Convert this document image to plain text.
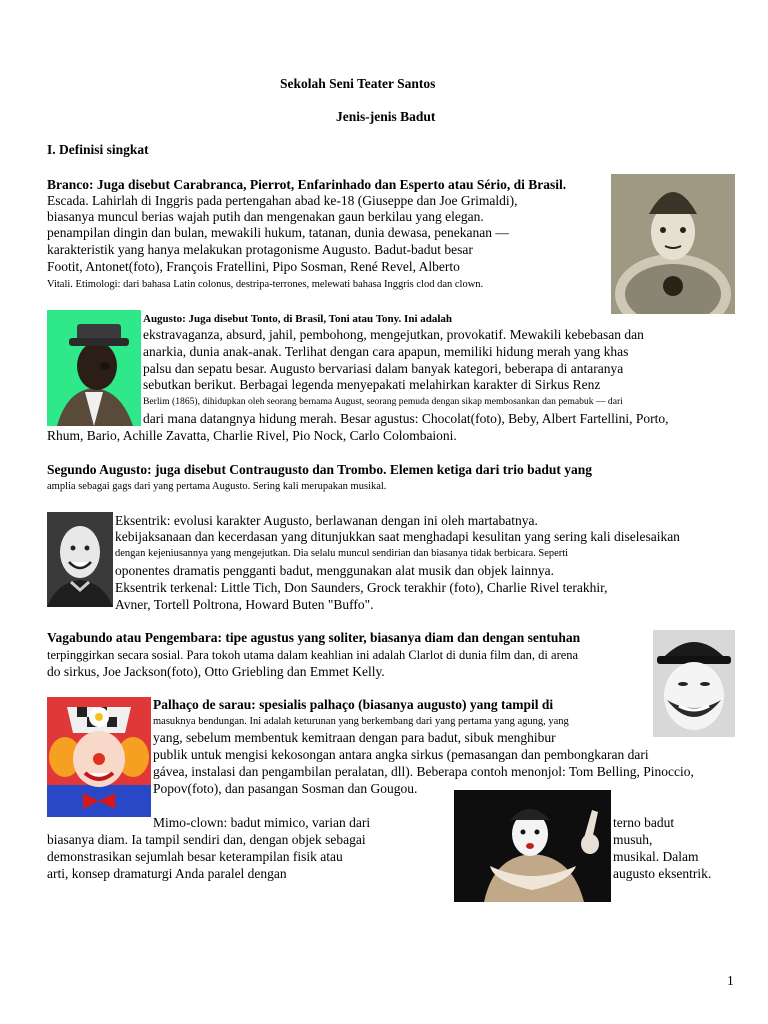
Sekolah Seni Teater Santos
Jenis-jenis Badut
I. Definisi singkat
Branco: Juga disebut Carabranca, Pierrot, Enfarinhado dan Esperto atau Sério, di Brasil.
Escada. Lahirlah di Inggris pada pertengahan abad ke-18 (Giuseppe dan Joe Grimaldi),
biasanya muncul berias wajah putih dan mengenakan gaun berkilau yang elegan.
penampilan dingin dan bulan, mewakili hukum, tatanan, dunia dewasa, penekanan —
karakteristik yang hanya melakukan protagonisme Augusto. Badut-badut besar
Footit, Antonet(foto), François Fratellini, Pipo Sosman, René Revel, Alberto
Vitali. Etimologi: dari bahasa Latin colonus, destripa-terrones, melewati bahasa Inggris clod dan clown.
Augusto: Juga disebut Tonto, di Brasil, Toni atau Tony. Ini adalah
ekstravaganza, absurd, jahil, pembohong, mengejutkan, provokatif. Mewakili kebebasan dan
anarkia, dunia anak-anak. Terlihat dengan cara apapun, memiliki hidung merah yang khas
palsu dan sepatu besar. Augusto bervariasi dalam banyak kategori, beberapa di antaranya
sebutkan berikut. Berbagai legenda menyepakati melahirkan karakter di Sirkus Renz
Berlim (1865), dihidupkan oleh seorang bernama August, seorang pemuda dengan sikap membosankan dan pemabuk — dari
dari mana datangnya hidung merah. Besar agustus: Chocolat(foto), Beby, Albert Fartellini, Porto,
Rhum, Bario, Achille Zavatta, Charlie Rivel, Pio Nock, Carlo Colombaioni.
Segundo Augusto: juga disebut Contraugusto dan Trombo. Elemen ketiga dari trio badut yang
amplia sebagai gags dari yang pertama Augusto. Sering kali merupakan musikal.
Eksentrik: evolusi karakter Augusto, berlawanan dengan ini oleh martabatnya.
kebijaksanaan dan kecerdasan yang ditunjukkan saat menghadapi kesulitan yang sering kali diselesaikan
dengan kejeniusannya yang mengejutkan. Dia selalu muncul sendirian dan biasanya tidak berbicara. Seperti
oponentes dramatis pengganti badut, menggunakan alat musik dan objek lainnya.
Eksentrik terkenal: Little Tich, Don Saunders, Grock terakhir (foto), Charlie Rivel terakhir,
Avner, Tortell Poltrona, Howard Buten "Buffo".
Vagabundo atau Pengembara: tipe agustus yang soliter, biasanya diam dan dengan sentuhan
terpinggirkan secara sosial. Para tokoh utama dalam keahlian ini adalah Clarlot di dunia film dan, di arena
do sirkus, Joe Jackson(foto), Otto Griebling dan Emmet Kelly.
Palhaço de sarau: spesialis palhaço (biasanya augusto) yang tampil di
masuknya bendungan. Ini adalah keturunan yang berkembang dari yang pertama yang agung, yang
yang, sebelum membentuk kemitraan dengan para badut, sibuk menghibur
publik untuk mengisi kekosongan antara angka sirkus (pemasangan dan pembongkaran dari
gávea, instalasi dan pengambilan peralatan, dll). Beberapa contoh menonjol: Tom Belling, Pinoccio,
Popov(foto), dan pasangan Sosman dan Gougou.
Mimo-clown: badut mimico, varian dari
biasanya diam. Ia tampil sendiri dan, dengan objek sebagai
demonstrasikan sejumlah besar keterampilan fisik atau
arti, konsep dramaturgi Anda paralel dengan
terno badut
musuh,
musikal. Dalam
augusto eksentrik.
1
